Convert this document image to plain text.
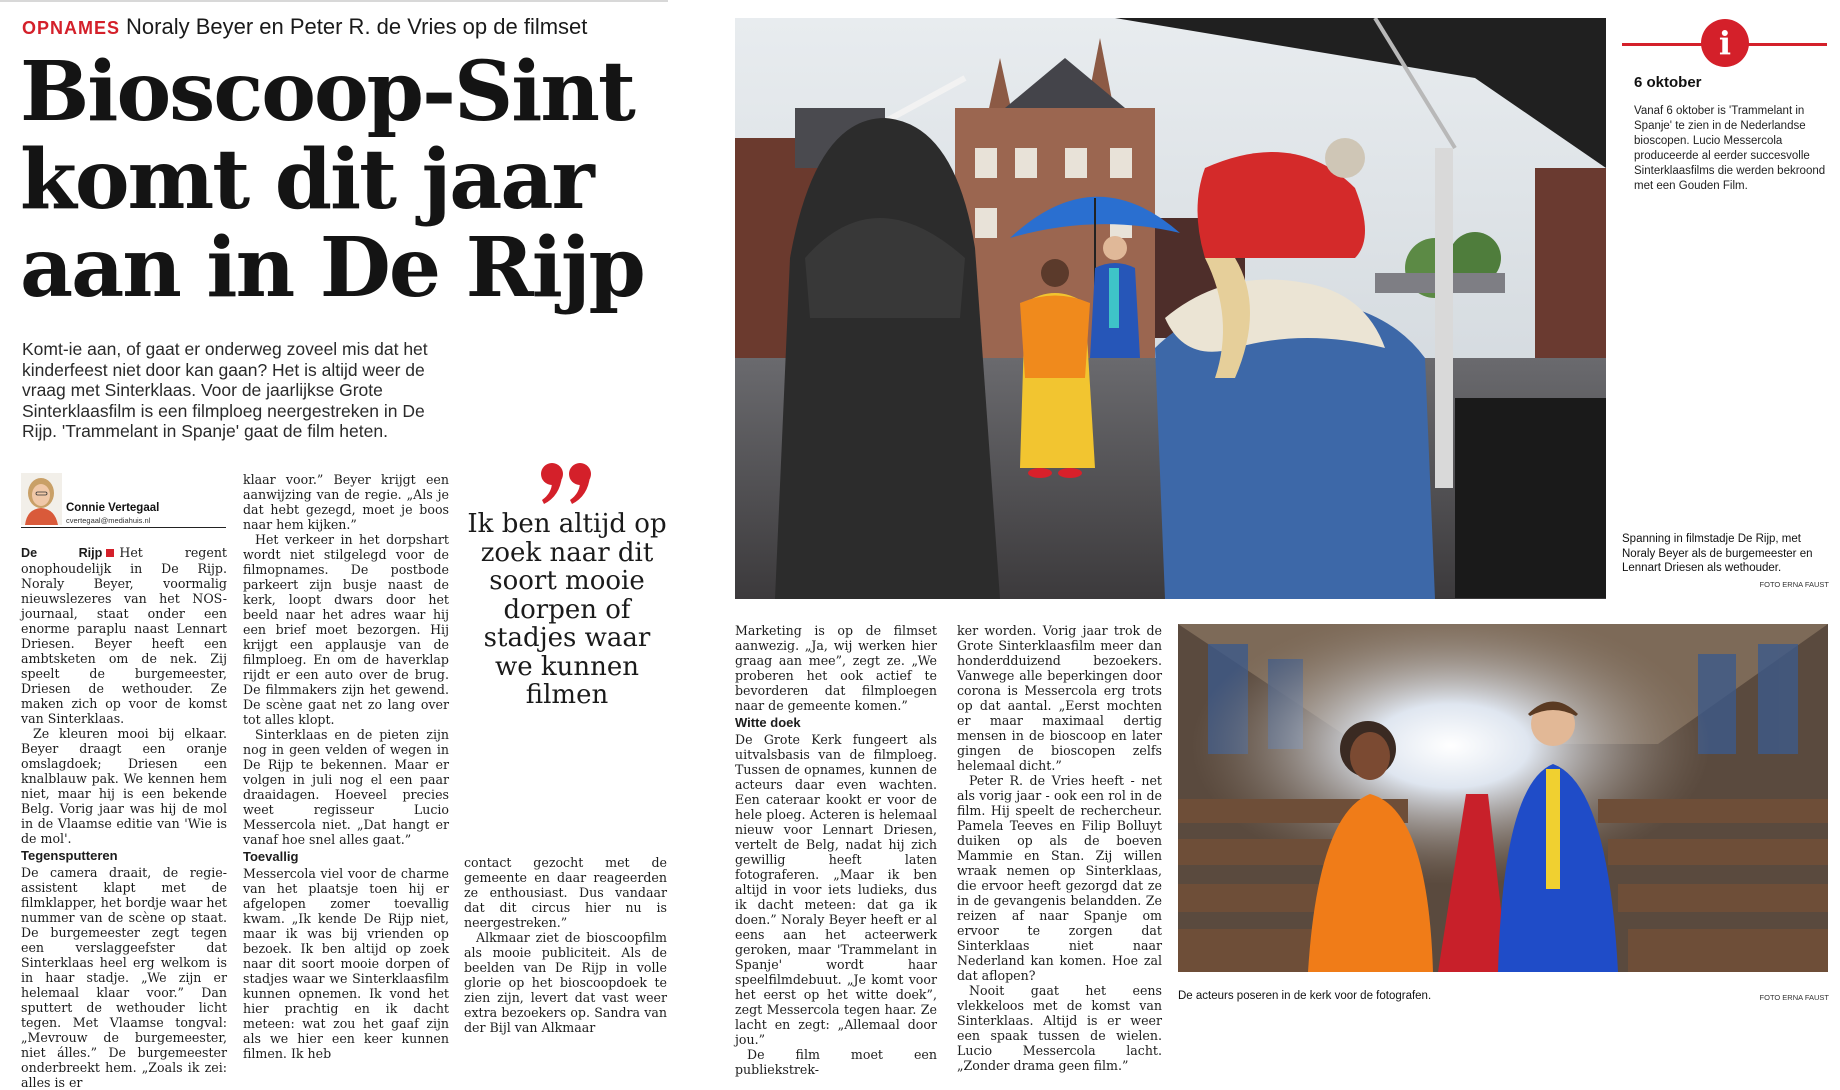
OPNAMES Noraly Beyer en Peter R. de Vries op de filmset
Bioscoop-Sint
komt dit jaar
aan in De Rijp
Komt-ie aan, of gaat er onderweg zoveel mis dat het kinderfeest niet door kan gaan? Het is altijd weer de vraag met Sinterklaas. Voor de jaarlijkse Grote Sinterklaasfilm is een filmploeg neergestreken in De Rijp. 'Trammelant in Spanje' gaat de film heten.
Connie Vertegaal
cvertegaal@mediahuis.nl

De Rijp Het regent onophoudelijk in De Rijp. Noraly Beyer, voormalig nieuwslezeres van het NOS-journaal, staat onder een enorme paraplu naast Lennart Driesen. Beyer heeft een ambtsketen om de nek. Zij speelt de burgemeester, Driesen de wethouder. Ze maken zich op voor de komst van Sinterklaas.

Ze kleuren mooi bij elkaar. Beyer draagt een oranje omslagdoek; Driesen een knalblauw pak. We kennen hem niet, maar hij is een bekende Belg. Vorig jaar was hij de mol in de Vlaamse editie van 'Wie is de mol'.

Tegensputteren

De camera draait, de regie-assistent klapt met de filmklapper, het bordje waar het nummer van de scène op staat. De burgemeester zegt tegen een verslaggeefster dat Sinterklaas heel erg welkom is in haar stadje. „We zijn er helemaal klaar voor.” Dan sputtert de wethouder licht tegen. Met Vlaamse tongval: „Mevrouw de burgemeester, niet álles.” De burgemeester onderbreekt hem. „Zoals ik zei: alles is er

klaar voor.” Beyer krijgt een aanwijzing van de regie. „Als je dat hebt gezegd, moet je boos naar hem kijken.”

Het verkeer in het dorpshart wordt niet stilgelegd voor de filmopnames. De postbode parkeert zijn busje naast de kerk, loopt dwars door het beeld naar het adres waar hij een brief moet bezorgen. Hij krijgt een applausje van de filmploeg. En om de haverklap rijdt er een auto over de brug. De filmmakers zijn het gewend. De scène gaat net zo lang over tot alles klopt.

Sinterklaas en de pieten zijn nog in geen velden of wegen in De Rijp te bekennen. Maar er volgen in juli nog el een paar draaidagen. Hoeveel precies weet regisseur Lucio Messercola niet. „Dat hangt er vanaf hoe snel alles gaat.”

Toevallig

Messercola viel voor de charme van het plaatsje toen hij er afgelopen zomer toevallig kwam. „Ik kende De Rijp niet, maar ik was bij vrienden op bezoek. Ik ben altijd op zoek naar dit soort mooie dorpen of stadjes waar we Sinterklaasfilm kunnen opnemen. Ik vond het hier prachtig en ik dacht meteen: wat zou het gaaf zijn als we hier een keer kunnen filmen. Ik heb

Ik ben altijd op zoek naar dit soort mooie dorpen of stadjes waar we kunnen filmen

contact gezocht met de gemeente en daar reageerden ze enthousiast. Dus vandaar dat dit circus hier nu is neergestreken.”

Alkmaar ziet de bioscoopfilm als mooie publiciteit. Als de beelden van De Rijp in volle glorie op het bioscoopdoek te zien zijn, levert dat vast weer extra bezoekers op. Sandra van der Bijl van Alkmaar

i
6 oktober
Vanaf 6 oktober is 'Trammelant in Spanje' te zien in de Nederlandse bioscopen. Lucio Messercola produceerde al eerder succesvolle Sinterklaasfilms die werden bekroond met een Gouden Film.
Spanning in filmstadje De Rijp, met Noraly Beyer als de burgemeester en Lennart Driesen als wethouder.
FOTO ERNA FAUST

Marketing is op de filmset aanwezig. „Ja, wij werken hier graag aan mee”, zegt ze. „We proberen het ook actief te bevorderen dat filmploegen naar de gemeente komen.”

Witte doek

De Grote Kerk fungeert als uitvalsbasis van de filmploeg. Tussen de opnames, kunnen de acteurs daar even wachten. Een cateraar kookt er voor de hele ploeg. Acteren is helemaal nieuw voor Lennart Driesen, vertelt de Belg, nadat hij zich gewillig heeft laten fotograferen. „Maar ik ben altijd in voor iets ludieks, dus ik dacht meteen: dat ga ik doen.” Noraly Beyer heeft er al eens aan het acteerwerk geroken, maar 'Trammelant in Spanje' wordt haar speelfilmdebuut. „Je komt voor het eerst op het witte doek”, zegt Messercola tegen haar. Ze lacht en zegt: „Allemaal door jou.”

De film moet een publiekstrek-

ker worden. Vorig jaar trok de Grote Sinterklaasfilm meer dan honderdduizend bezoekers. Vanwege alle beperkingen door corona is Messercola erg trots op dat aantal. „Eerst mochten er maar maximaal dertig mensen in de bioscoop en later gingen de bioscopen zelfs helemaal dicht.”

Peter R. de Vries heeft - net als vorig jaar - ook een rol in de film. Hij speelt de rechercheur. Pamela Teeves en Filip Bolluyt duiken op als de boeven Mammie en Stan. Zij willen wraak nemen op Sinterklaas, die ervoor heeft gezorgd dat ze in de gevangenis belandden. Ze reizen af naar Spanje om ervoor te zorgen dat Sinterklaas niet naar Nederland kan komen. Hoe zal dat aflopen?

Nooit gaat het eens vlekkeloos met de komst van Sinterklaas. Altijd is er weer een spaak tussen de wielen. Lucio Messercola lacht. „Zonder drama geen film.”

De acteurs poseren in de kerk voor de fotografen.	FOTO ERNA FAUST
